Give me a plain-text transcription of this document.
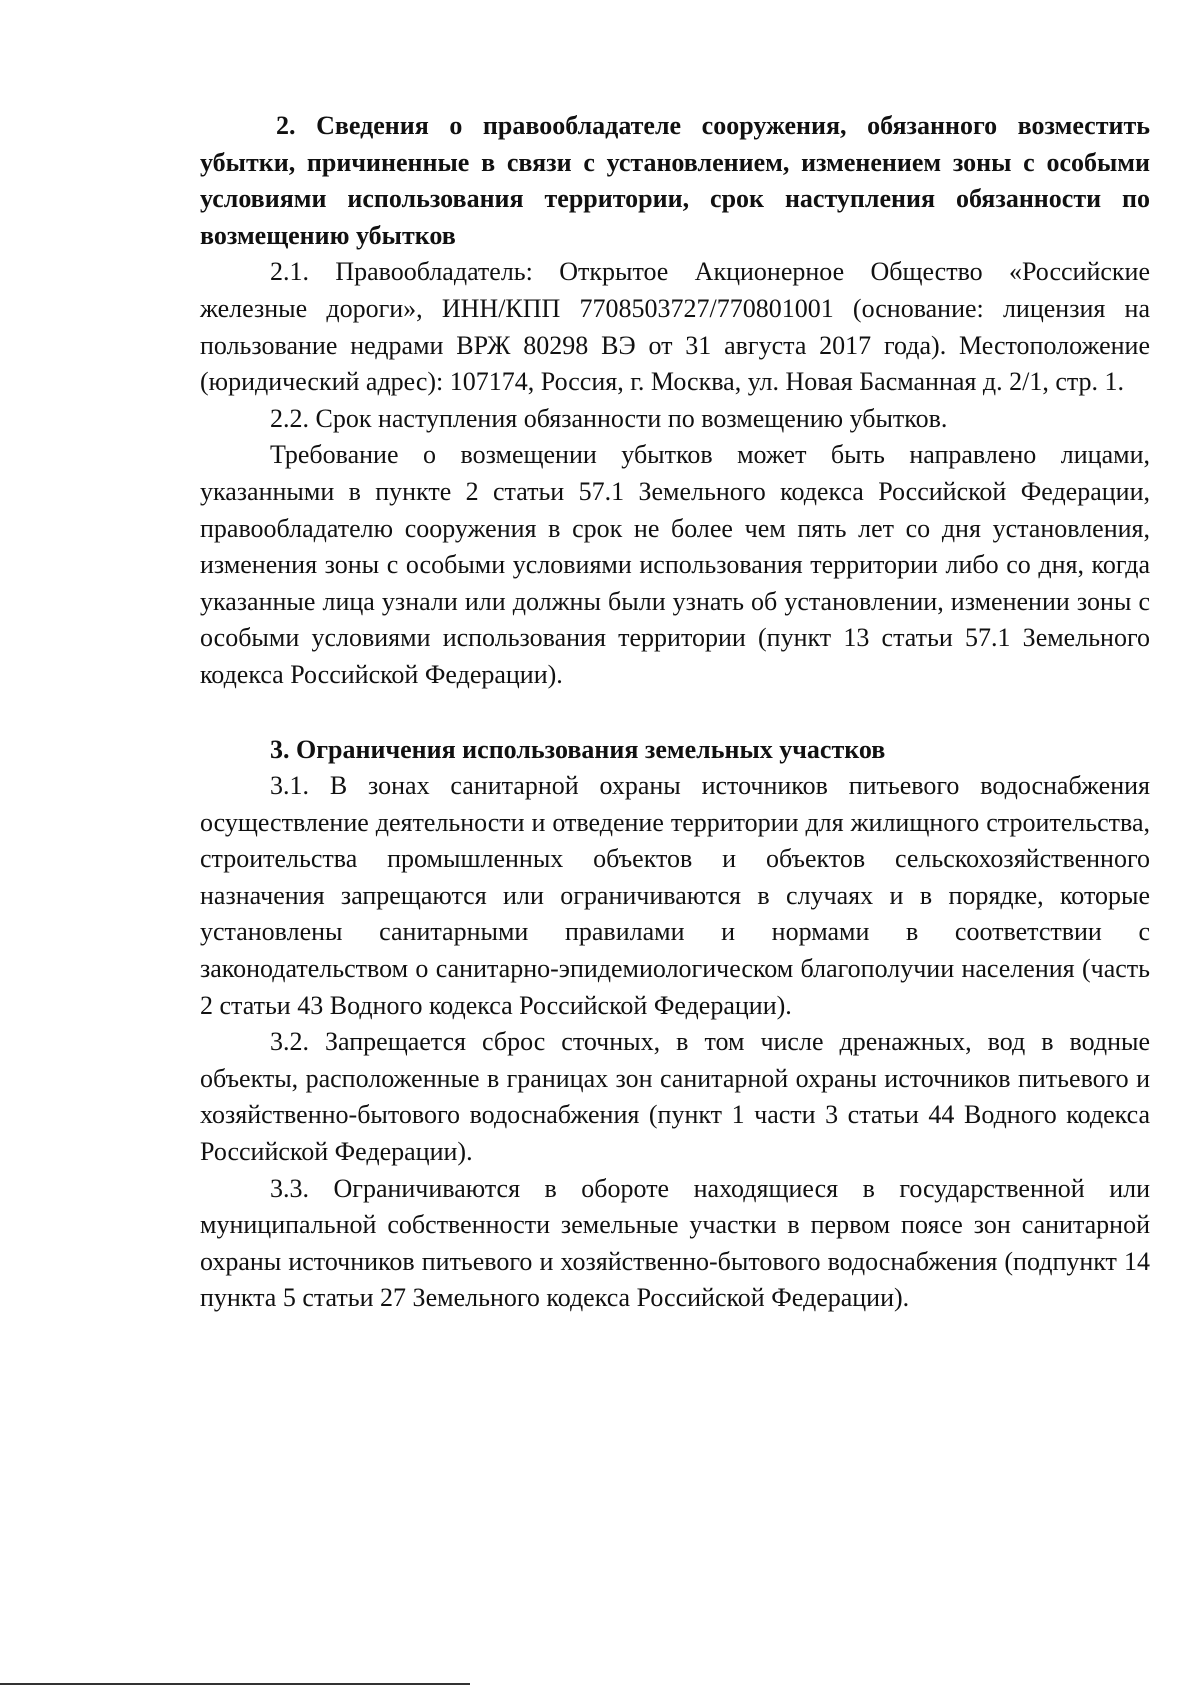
2. Сведения о правообладателе сооружения, обязанного возместить убытки, причиненные в связи с установлением, изменением зоны с особыми условиями использования территории, срок наступления обязанности по возмещению убытков

2.1. Правообладатель: Открытое Акционерное Общество «Российские железные дороги», ИНН/КПП 7708503727/770801001 (основание: лицензия на пользование недрами ВРЖ 80298 ВЭ от 31 августа 2017 года). Местоположение (юридический адрес): 107174, Россия, г. Москва, ул. Новая Басманная д. 2/1, стр. 1.

2.2. Срок наступления обязанности по возмещению убытков.

Требование о возмещении убытков может быть направлено лицами, указанными в пункте 2 статьи 57.1 Земельного кодекса Российской Федерации, правообладателю сооружения в срок не более чем пять лет со дня установления, изменения зоны с особыми условиями использования территории либо со дня, когда указанные лица узнали или должны были узнать об установлении, изменении зоны с особыми условиями использования территории (пункт 13 статьи 57.1 Земельного кодекса Российской Федерации).

3. Ограничения использования земельных участков

3.1. В зонах санитарной охраны источников питьевого водоснабжения осуществление деятельности и отведение территории для жилищного строительства, строительства промышленных объектов и объектов сельскохозяйственного назначения запрещаются или ограничиваются в случаях и в порядке, которые установлены санитарными правилами и нормами в соответствии с законодательством о санитарно-эпидемиологическом благополучии населения (часть 2 статьи 43 Водного кодекса Российской Федерации).

3.2. Запрещается сброс сточных, в том числе дренажных, вод в водные объекты, расположенные в границах зон санитарной охраны источников питьевого и хозяйственно-бытового водоснабжения (пункт 1 части 3 статьи 44 Водного кодекса Российской Федерации).

3.3. Ограничиваются в обороте находящиеся в государственной или муниципальной собственности земельные участки в первом поясе зон санитарной охраны источников питьевого и хозяйственно-бытового водоснабжения (подпункт 14 пункта 5 статьи 27 Земельного кодекса Российской Федерации).
